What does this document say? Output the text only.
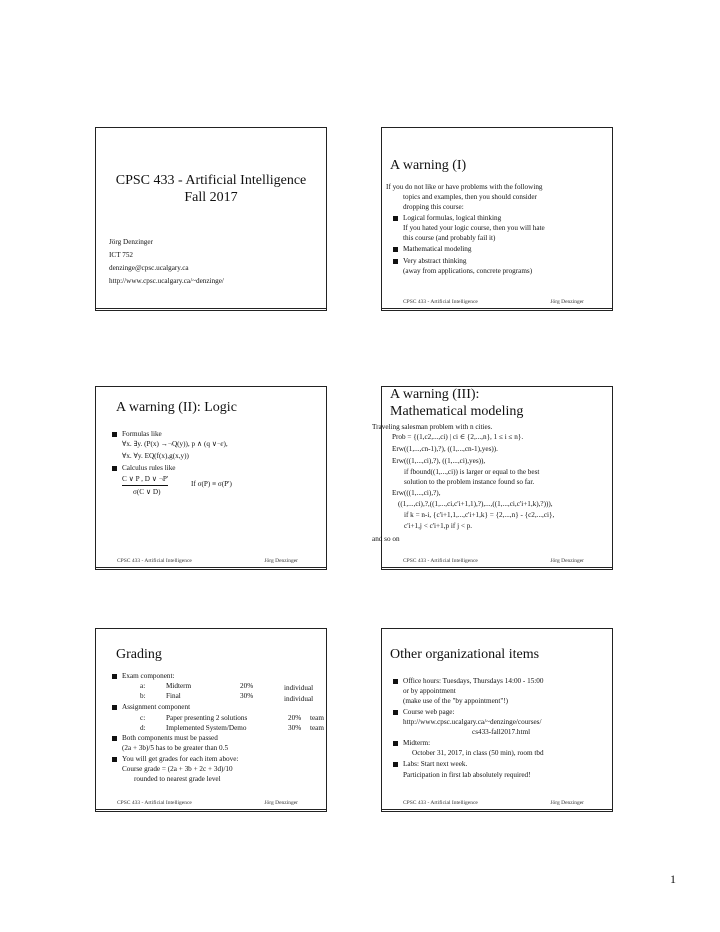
CPSC 433 - Artificial Intelligence
Fall 2017
Jörg Denzinger
ICT 752
denzinge@cpsc.ucalgary.ca
http://www.cpsc.ucalgary.ca/~denzinge/
A warning (I)
If you do not like or have problems with the following
topics and examples, then you should consider
dropping this course:
Logical formulas, logical thinking
If you hated your logic course, then you will hate
this course (and probably fail it)
Mathematical modeling
Very abstract thinking
(away from applications, concrete programs)
CPSC 433 - Artificial Intelligence	Jörg Denzinger
A warning (II): Logic
Formulas like
∀x. ∃y. (P(x) →¬Q(y)), p ∧ (q ∨¬r),
∀x. ∀y. EQ(f(x),g(x,y))
Calculus rules like
C ∨ P , D ∨ ¬P'
If σ(P) ≡ σ(P')
σ(C ∨ D)
CPSC 433 - Artificial Intelligence	Jörg Denzinger
A warning (III):
Mathematical modeling
Traveling salesman problem with n cities.
Prob = {(1,c2,...,ci) | ci ∈ {2,...,n}, 1 ≤ i ≤ n}.
Erw((1,...,cn-1),?), ((1,...,cn-1),yes)).
Erw(((1,...,ci),?), ((1,...,ci),yes)),
if fbound((1,...,ci)) is larger or equal to the best
solution to the problem instance found so far.
Erw(((1,...,ci),?),
((1,...,ci),?,((1,...,ci,c'i+1,1),?),...,((1,...,ci,c'i+1,k),?))),
if k = n-i, {c'i+1,1,...,c'i+1,k} = {2,...,n} - {c2,...,ci},
c'i+1,j < c'i+1,p if j < p.
and so on
CPSC 433 - Artificial Intelligence	Jörg Denzinger
Grading
Exam component:
a:	Midterm	20%	individual
b:	Final	30%	individual
Assignment component
c:	Paper presenting 2 solutions	20% team
d:	Implemented System/Demo	30% team
Both components must be passed
(2a + 3b)/5 has to be greater than 0.5
You will get grades for each item above:
Course grade = (2a + 3b + 2c + 3d)/10
rounded to nearest grade level
CPSC 433 - Artificial Intelligence	Jörg Denzinger
Other organizational items
Office hours: Tuesdays, Thursdays 14:00 - 15:00
or by appointment
(make use of the "by appointment"!)
Course web page:
http://www.cpsc.ucalgary.ca/~denzinge/courses/
cs433-fall2017.html
Midterm:
October 31, 2017, in class (50 min), room tbd
Labs: Start next week.
Participation in first lab absolutely required!
CPSC 433 - Artificial Intelligence	Jörg Denzinger
1
